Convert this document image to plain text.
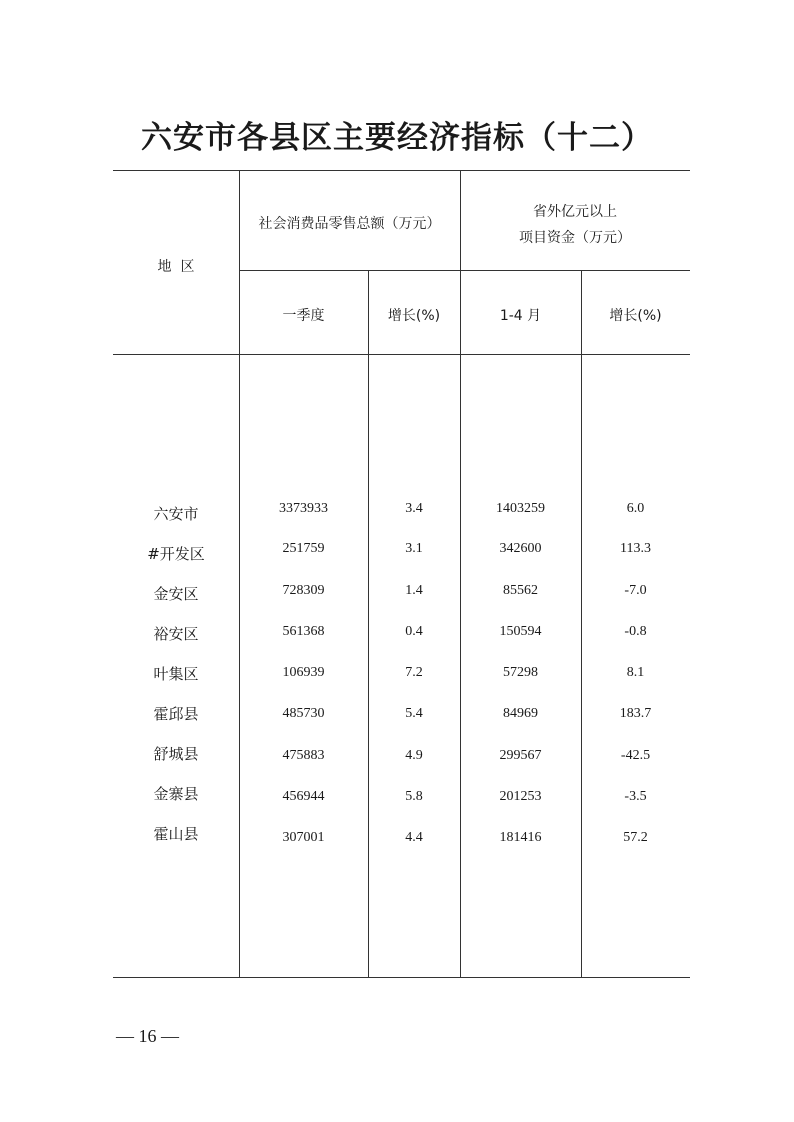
六安市各县区主要经济指标（十二）
地  区
社会消费品零售总额（万元）
省外亿元以上
项目资金（万元）
一季度	增长(%)	1-4 月	增长(%)
六安市	3373933	3.4	1403259	6.0
#开发区	251759	3.1	342600	113.3
金安区	728309	1.4	85562	-7.0
裕安区	561368	0.4	150594	-0.8
叶集区	106939	7.2	57298	8.1
霍邱县	485730	5.4	84969	183.7
舒城县	475883	4.9	299567	-42.5
金寨县	456944	5.8	201253	-3.5
霍山县	307001	4.4	181416	57.2
— 16 —
